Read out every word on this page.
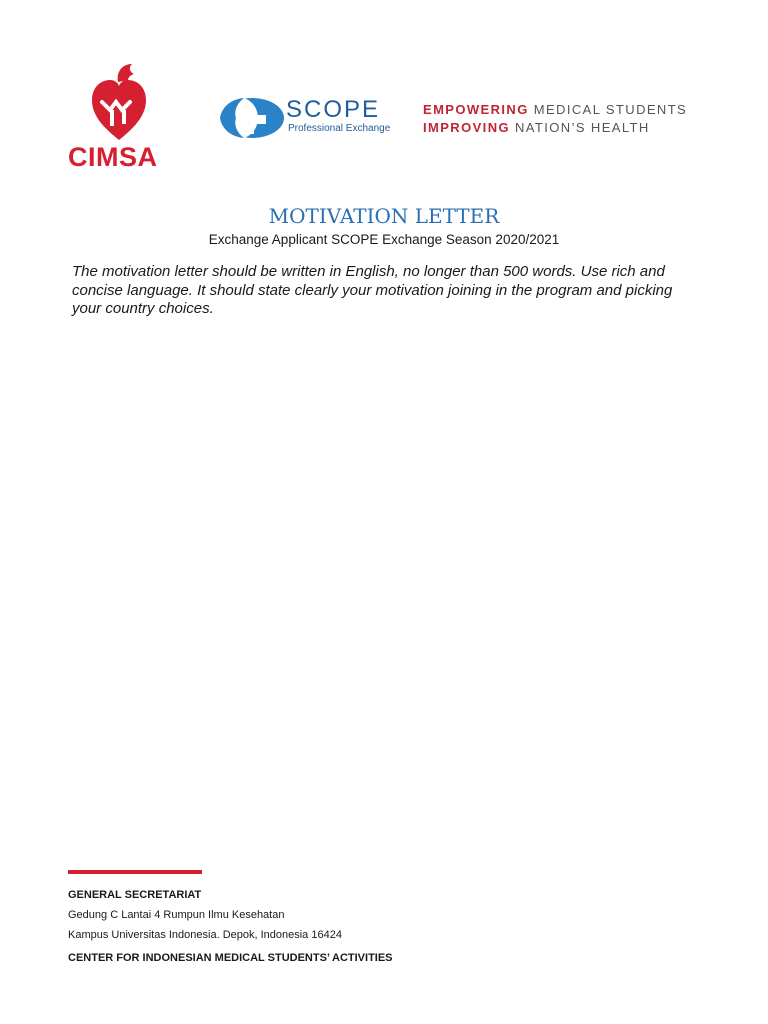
CIMSA
SCOPE
Professional Exchange
EMPOWERING MEDICAL STUDENTS
IMPROVING NATION’S HEALTH
MOTIVATION LETTER
Exchange Applicant SCOPE Exchange Season 2020/2021
The motivation letter should be written in English, no longer than 500 words. Use rich and concise language. It should state clearly your motivation joining in the program and picking your country choices.
GENERAL SECRETARIAT
Gedung C Lantai 4 Rumpun Ilmu Kesehatan
Kampus Universitas Indonesia. Depok, Indonesia 16424
CENTER FOR INDONESIAN MEDICAL STUDENTS’ ACTIVITIES
